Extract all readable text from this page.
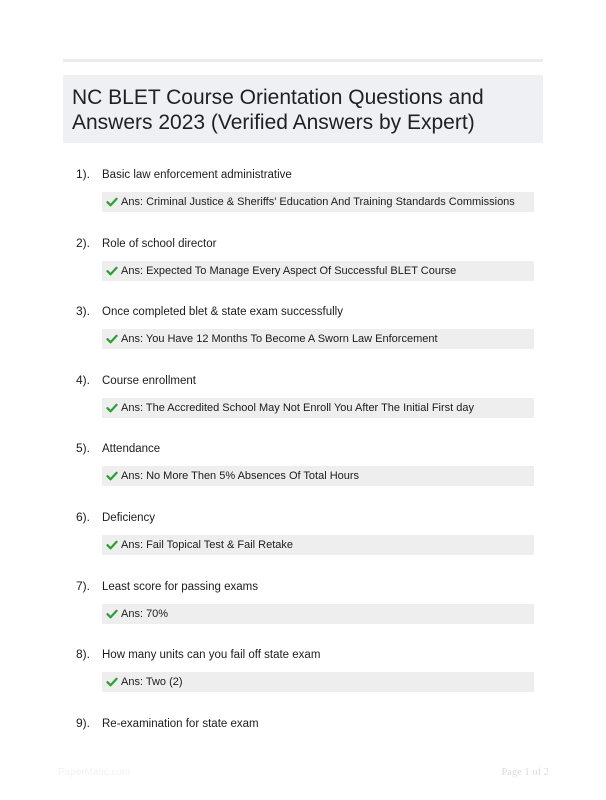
NC BLET Course Orientation Questions and
Answers 2023 (Verified Answers by Expert)
1). Basic law enforcement administrative
Ans: Criminal Justice & Sheriffs' Education And Training Standards Commissions
2). Role of school director
Ans: Expected To Manage Every Aspect Of Successful BLET Course
3). Once completed blet & state exam successfully
Ans: You Have 12 Months To Become A Sworn Law Enforcement
4). Course enrollment
Ans: The Accredited School May Not Enroll You After The Initial First day
5). Attendance
Ans: No More Then 5% Absences Of Total Hours
6). Deficiency
Ans: Fail Topical Test & Fail Retake
7). Least score for passing exams
Ans: 70%
8). How many units can you fail off state exam
Ans: Two (2)
9). Re-examination for state exam
PaperMatic.com	Page 1 of 2
